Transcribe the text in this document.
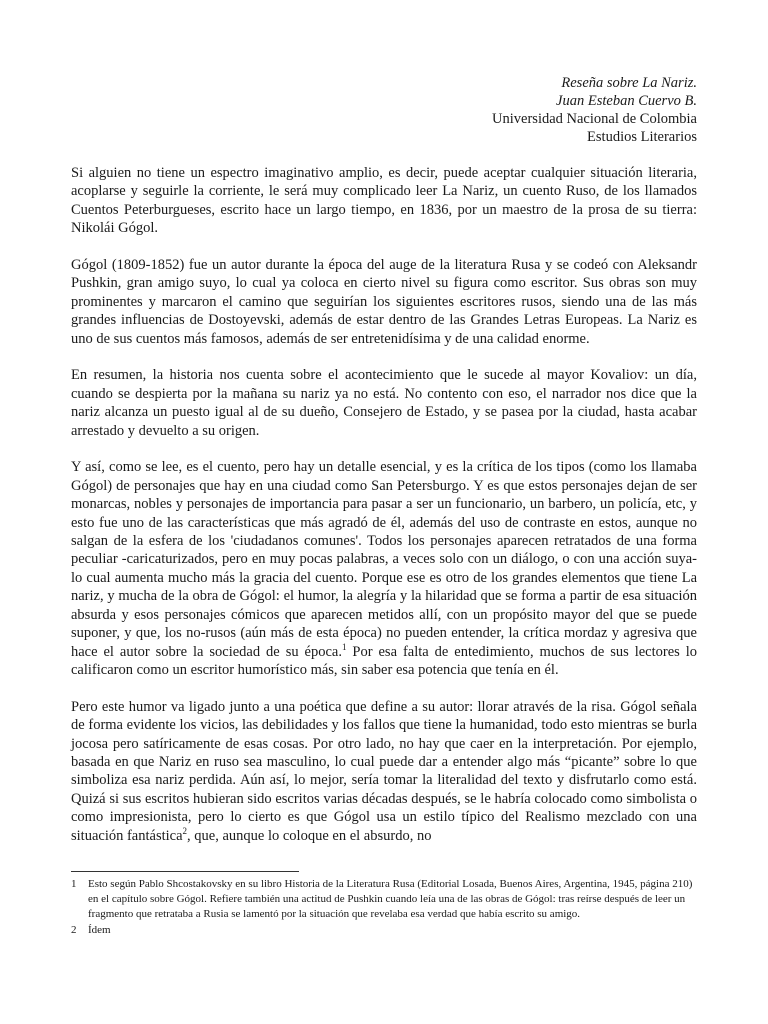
Reseña sobre La Nariz.
Juan Esteban Cuervo B.
Universidad Nacional de Colombia
Estudios Literarios

Si alguien no tiene un espectro imaginativo amplio, es decir, puede aceptar cualquier situación literaria, acoplarse y seguirle la corriente, le será muy complicado leer La Nariz, un cuento Ruso, de los llamados Cuentos Peterburgueses, escrito hace un largo tiempo, en 1836, por un maestro de la prosa de su tierra: Nikolái Gógol.

Gógol (1809-1852) fue un autor durante la época del auge de la literatura Rusa y se codeó con Aleksandr Pushkin, gran amigo suyo, lo cual ya coloca en cierto nivel su figura como escritor. Sus obras son muy prominentes y marcaron el camino que seguirían los siguientes escritores rusos, siendo una de las más grandes influencias de Dostoyevski, además de estar dentro de las Grandes Letras Europeas. La Nariz es uno de sus cuentos más famosos, además de ser entretenidísima y de una calidad enorme.

En resumen, la historia nos cuenta sobre el acontecimiento que le sucede al mayor Kovaliov: un día, cuando se despierta por la mañana su nariz ya no está. No contento con eso, el narrador nos dice que la nariz alcanza un puesto igual al de su dueño, Consejero de Estado, y se pasea por la ciudad, hasta acabar arrestado y devuelto a su origen.

Y así, como se lee, es el cuento, pero hay un detalle esencial, y es la crítica de los tipos (como los llamaba Gógol) de personajes que hay en una ciudad como San Petersburgo. Y es que estos personajes dejan de ser monarcas, nobles y personajes de importancia para pasar a ser un funcionario, un barbero, un policía, etc, y esto fue uno de las características que más agradó de él, además del uso de contraste en estos, aunque no salgan de la esfera de los 'ciudadanos comunes'. Todos los personajes aparecen retratados de una forma peculiar -caricaturizados, pero en muy pocas palabras, a veces solo con un diálogo, o con una acción suya- lo cual aumenta mucho más la gracia del cuento. Porque ese es otro de los grandes elementos que tiene La nariz, y mucha de la obra de Gógol: el humor, la alegría y la hilaridad que se forma a partir de esa situación absurda y esos personajes cómicos que aparecen metidos allí, con un propósito mayor del que se puede suponer, y que, los no-rusos (aún más de esta época) no pueden entender, la crítica mordaz y agresiva que hace el autor sobre la sociedad de su época.$^1$ Por esa falta de entedimiento, muchos de sus lectores lo calificaron como un escritor humorístico más, sin saber esa potencia que tenía en él.

Pero este humor va ligado junto a una poética que define a su autor: llorar através de la risa. Gógol señala de forma evidente los vicios, las debilidades y los fallos que tiene la humanidad, todo esto mientras se burla jocosa pero satíricamente de esas cosas. Por otro lado, no hay que caer en la interpretación. Por ejemplo, basada en que Nariz en ruso sea masculino, lo cual puede dar a entender algo más “picante” sobre lo que simboliza esa nariz perdida. Aún así, lo mejor, sería tomar la literalidad del texto y disfrutarlo como está. Quizá si sus escritos hubieran sido escritos varias décadas después, se le habría colocado como simbolista o como impresionista, pero lo cierto es que Gógol usa un estilo típico del Realismo mezclado con una situación fantástica$^2$, que, aunque lo coloque en el absurdo, no

1	Esto según Pablo Shcostakovsky en su libro Historia de la Literatura Rusa (Editorial Losada, Buenos Aires, Argentina, 1945, página 210) en el capítulo sobre Gógol. Refiere también una actitud de Pushkin cuando leía una de las obras de Gógol: tras reírse después de leer un fragmento que retrataba a Rusia se lamentó por la situación que revelaba esa verdad que había escrito su amigo.
2	Ídem
